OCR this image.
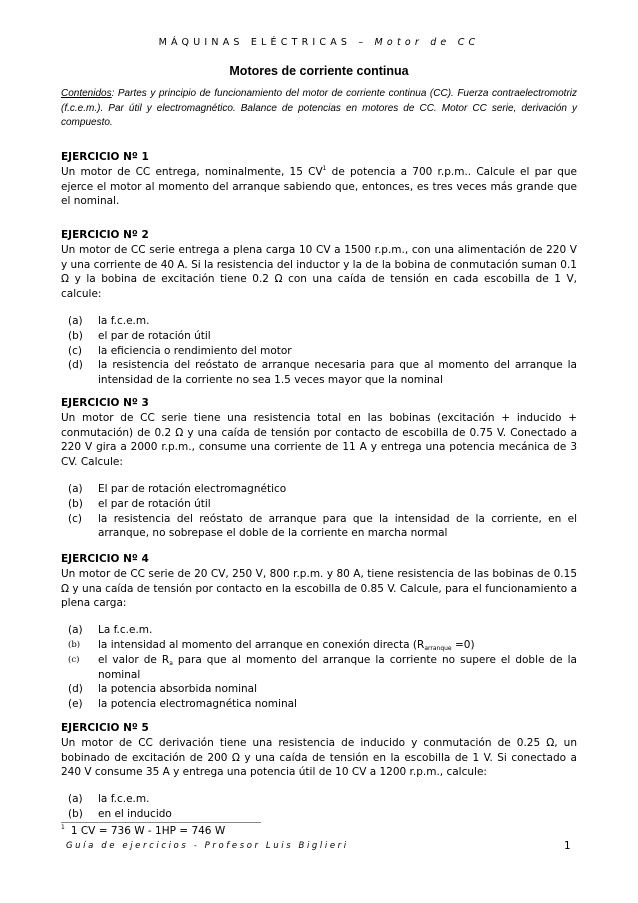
MÁQUINAS ELÉCTRICAS – Motor de CC
Motores de corriente continua
Contenidos: Partes y principio de funcionamiento del motor de corriente continua (CC). Fuerza contraelectromotriz (f.c.e.m.). Par útil y electromagnético. Balance de potencias en motores de CC. Motor CC serie, derivación y compuesto.
EJERCICIO Nº 1
Un motor de CC entrega, nominalmente, 15 $CV^1$ de potencia a 700 r.p.m.. Calcule el par que ejerce el motor al momento del arranque sabiendo que, entonces, es tres veces más grande que el nominal.
EJERCICIO Nº 2
Un motor de CC serie entrega a plena carga 10 CV a 1500 r.p.m., con una alimentación de 220 V y una corriente de 40 A. Si la resistencia del inductor y la de la bobina de conmutación suman 0.1 Ω y la bobina de excitación tiene 0.2 Ω con una caída de tensión en cada escobilla de 1 V, calcule:
(a) la f.c.e.m.
(b) el par de rotación útil
(c) la eficiencia o rendimiento del motor
(d) la resistencia del reóstato de arranque necesaria para que al momento del arranque la intensidad de la corriente no sea 1.5 veces mayor que la nominal
EJERCICIO Nº 3
Un motor de CC serie tiene una resistencia total en las bobinas (excitación + inducido + conmutación) de 0.2 Ω y una caída de tensión por contacto de escobilla de 0.75 V. Conectado a 220 V gira a 2000 r.p.m., consume una corriente de 11 A y entrega una potencia mecánica de 3 CV. Calcule:
(a) El par de rotación electromagnético
(b) el par de rotación útil
(c) la resistencia del reóstato de arranque para que la intensidad de la corriente, en el arranque, no sobrepase el doble de la corriente en marcha normal
EJERCICIO Nº 4
Un motor de CC serie de 20 CV, 250 V, 800 r.p.m. y 80 A, tiene resistencia de las bobinas de 0.15 Ω y una caída de tensión por contacto en la escobilla de 0.85 V. Calcule, para el funcionamiento a plena carga:
(a) La f.c.e.m.
(b) la intensidad al momento del arranque en conexión directa $(R_{arranque} =0)$
(c) el valor de $R_a$ para que al momento del arranque la corriente no supere el doble de la nominal
(d) la potencia absorbida nominal
(e) la potencia electromagnética nominal
EJERCICIO Nº 5
Un motor de CC derivación tiene una resistencia de inducido y conmutación de 0.25 Ω, un bobinado de excitación de 200 Ω y una caída de tensión en la escobilla de 1 V. Si conectado a 240 V consume 35 A y entrega una potencia útil de 10 CV a 1200 r.p.m., calcule:
(a) la f.c.e.m.
(b) en el inducido
$^1$ 1 CV = 736 W - 1HP = 746 W
Guía de ejercicios - Profesor Luis Biglieri	1
